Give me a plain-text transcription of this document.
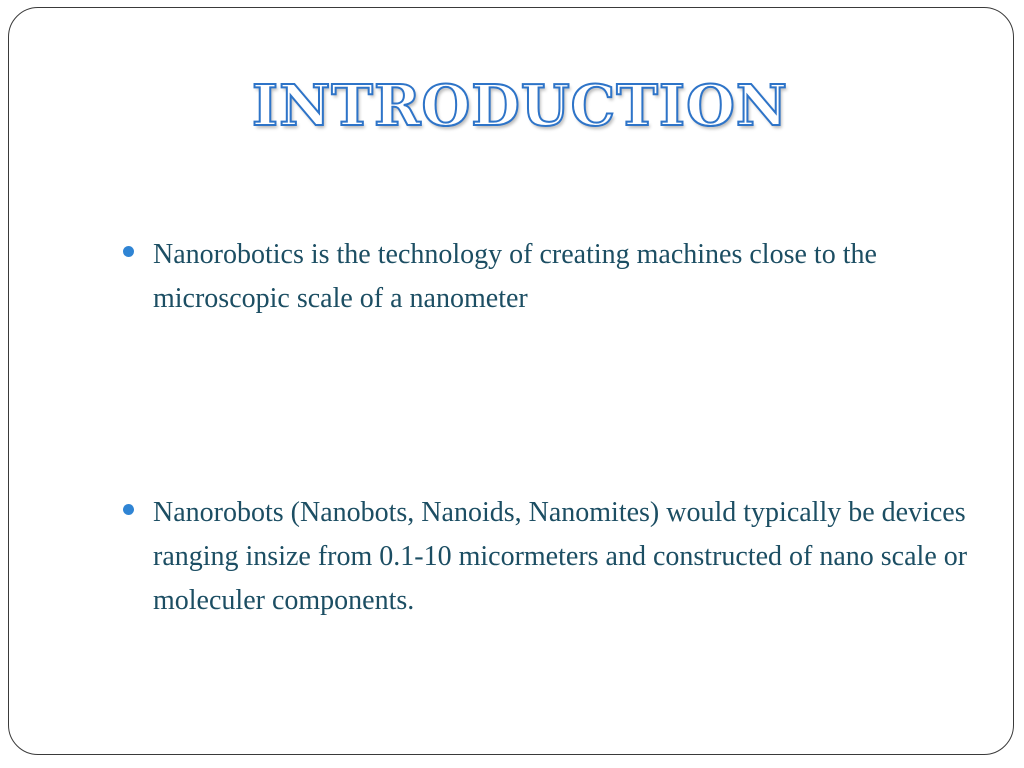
INTRODUCTION
Nanorobotics is the technology of creating machines close to the microscopic scale of a nanometer
Nanorobots (Nanobots, Nanoids, Nanomites) would typically be devices ranging insize from 0.1-10 micormeters and constructed of nano scale or moleculer components.
